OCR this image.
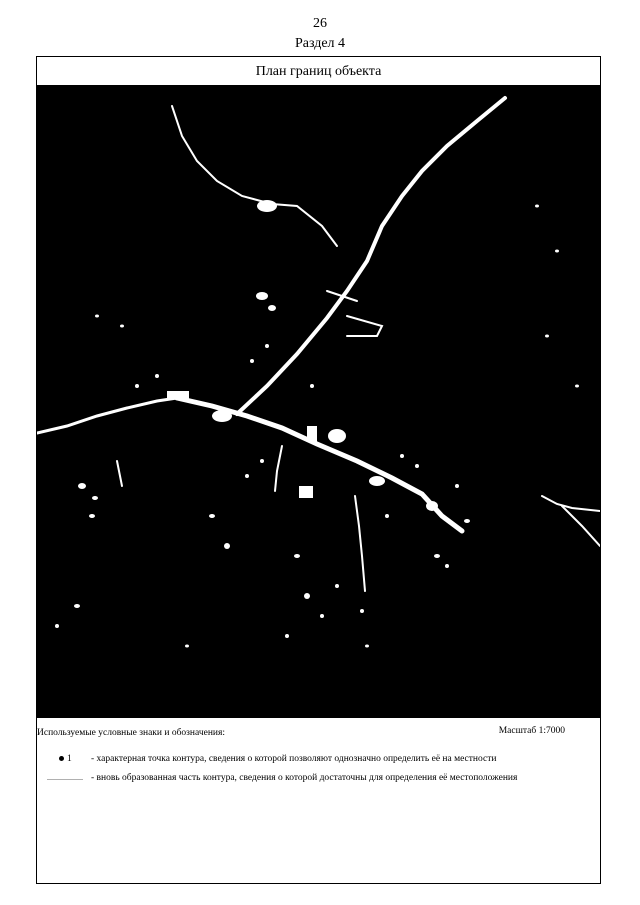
26
Раздел 4
План границ объекта
Используемые условные знаки и обозначения:	Масштаб 1:7000
1 - характерная точка контура, сведения о которой позволяют однозначно определить её на местности
- вновь образованная часть контура, сведения о которой достаточны для определения её местоположения
